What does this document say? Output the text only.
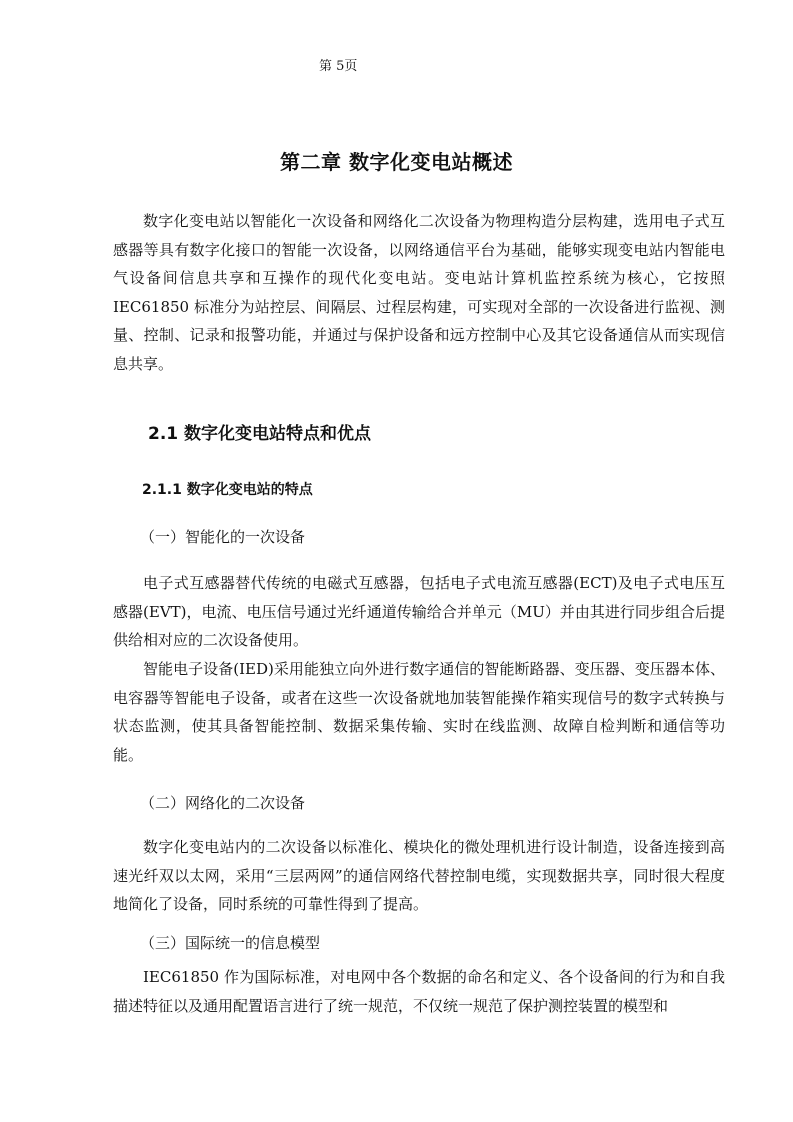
第 5页
第二章 数字化变电站概述

数字化变电站以智能化一次设备和网络化二次设备为物理构造分层构建，选用电子式互感器等具有数字化接口的智能一次设备，以网络通信平台为基础，能够实现变电站内智能电气设备间信息共享和互操作的现代化变电站。变电站计算机监控系统为核心，它按照 IEC61850 标准分为站控层、间隔层、过程层构建，可实现对全部的一次设备进行监视、测量、控制、记录和报警功能，并通过与保护设备和远方控制中心及其它设备通信从而实现信息共享。

2.1 数字化变电站特点和优点
2.1.1 数字化变电站的特点
（一）智能化的一次设备

电子式互感器替代传统的电磁式互感器，包括电子式电流互感器(ECT)及电子式电压互感器(EVT)，电流、电压信号通过光纤通道传输给合并单元（MU）并由其进行同步组合后提供给相对应的二次设备使用。

智能电子设备(IED)采用能独立向外进行数字通信的智能断路器、变压器、变压器本体、电容器等智能电子设备，或者在这些一次设备就地加装智能操作箱实现信号的数字式转换与状态监测，使其具备智能控制、数据采集传输、实时在线监测、故障自检判断和通信等功能。

（二）网络化的二次设备

数字化变电站内的二次设备以标准化、模块化的微处理机进行设计制造，设备连接到高速光纤双以太网，采用“三层两网”的通信网络代替控制电缆，实现数据共享，同时很大程度地简化了设备，同时系统的可靠性得到了提高。

（三）国际统一的信息模型

IEC61850 作为国际标准，对电网中各个数据的命名和定义、各个设备间的行为和自我描述特征以及通用配置语言进行了统一规范，不仅统一规范了保护测控装置的模型和
